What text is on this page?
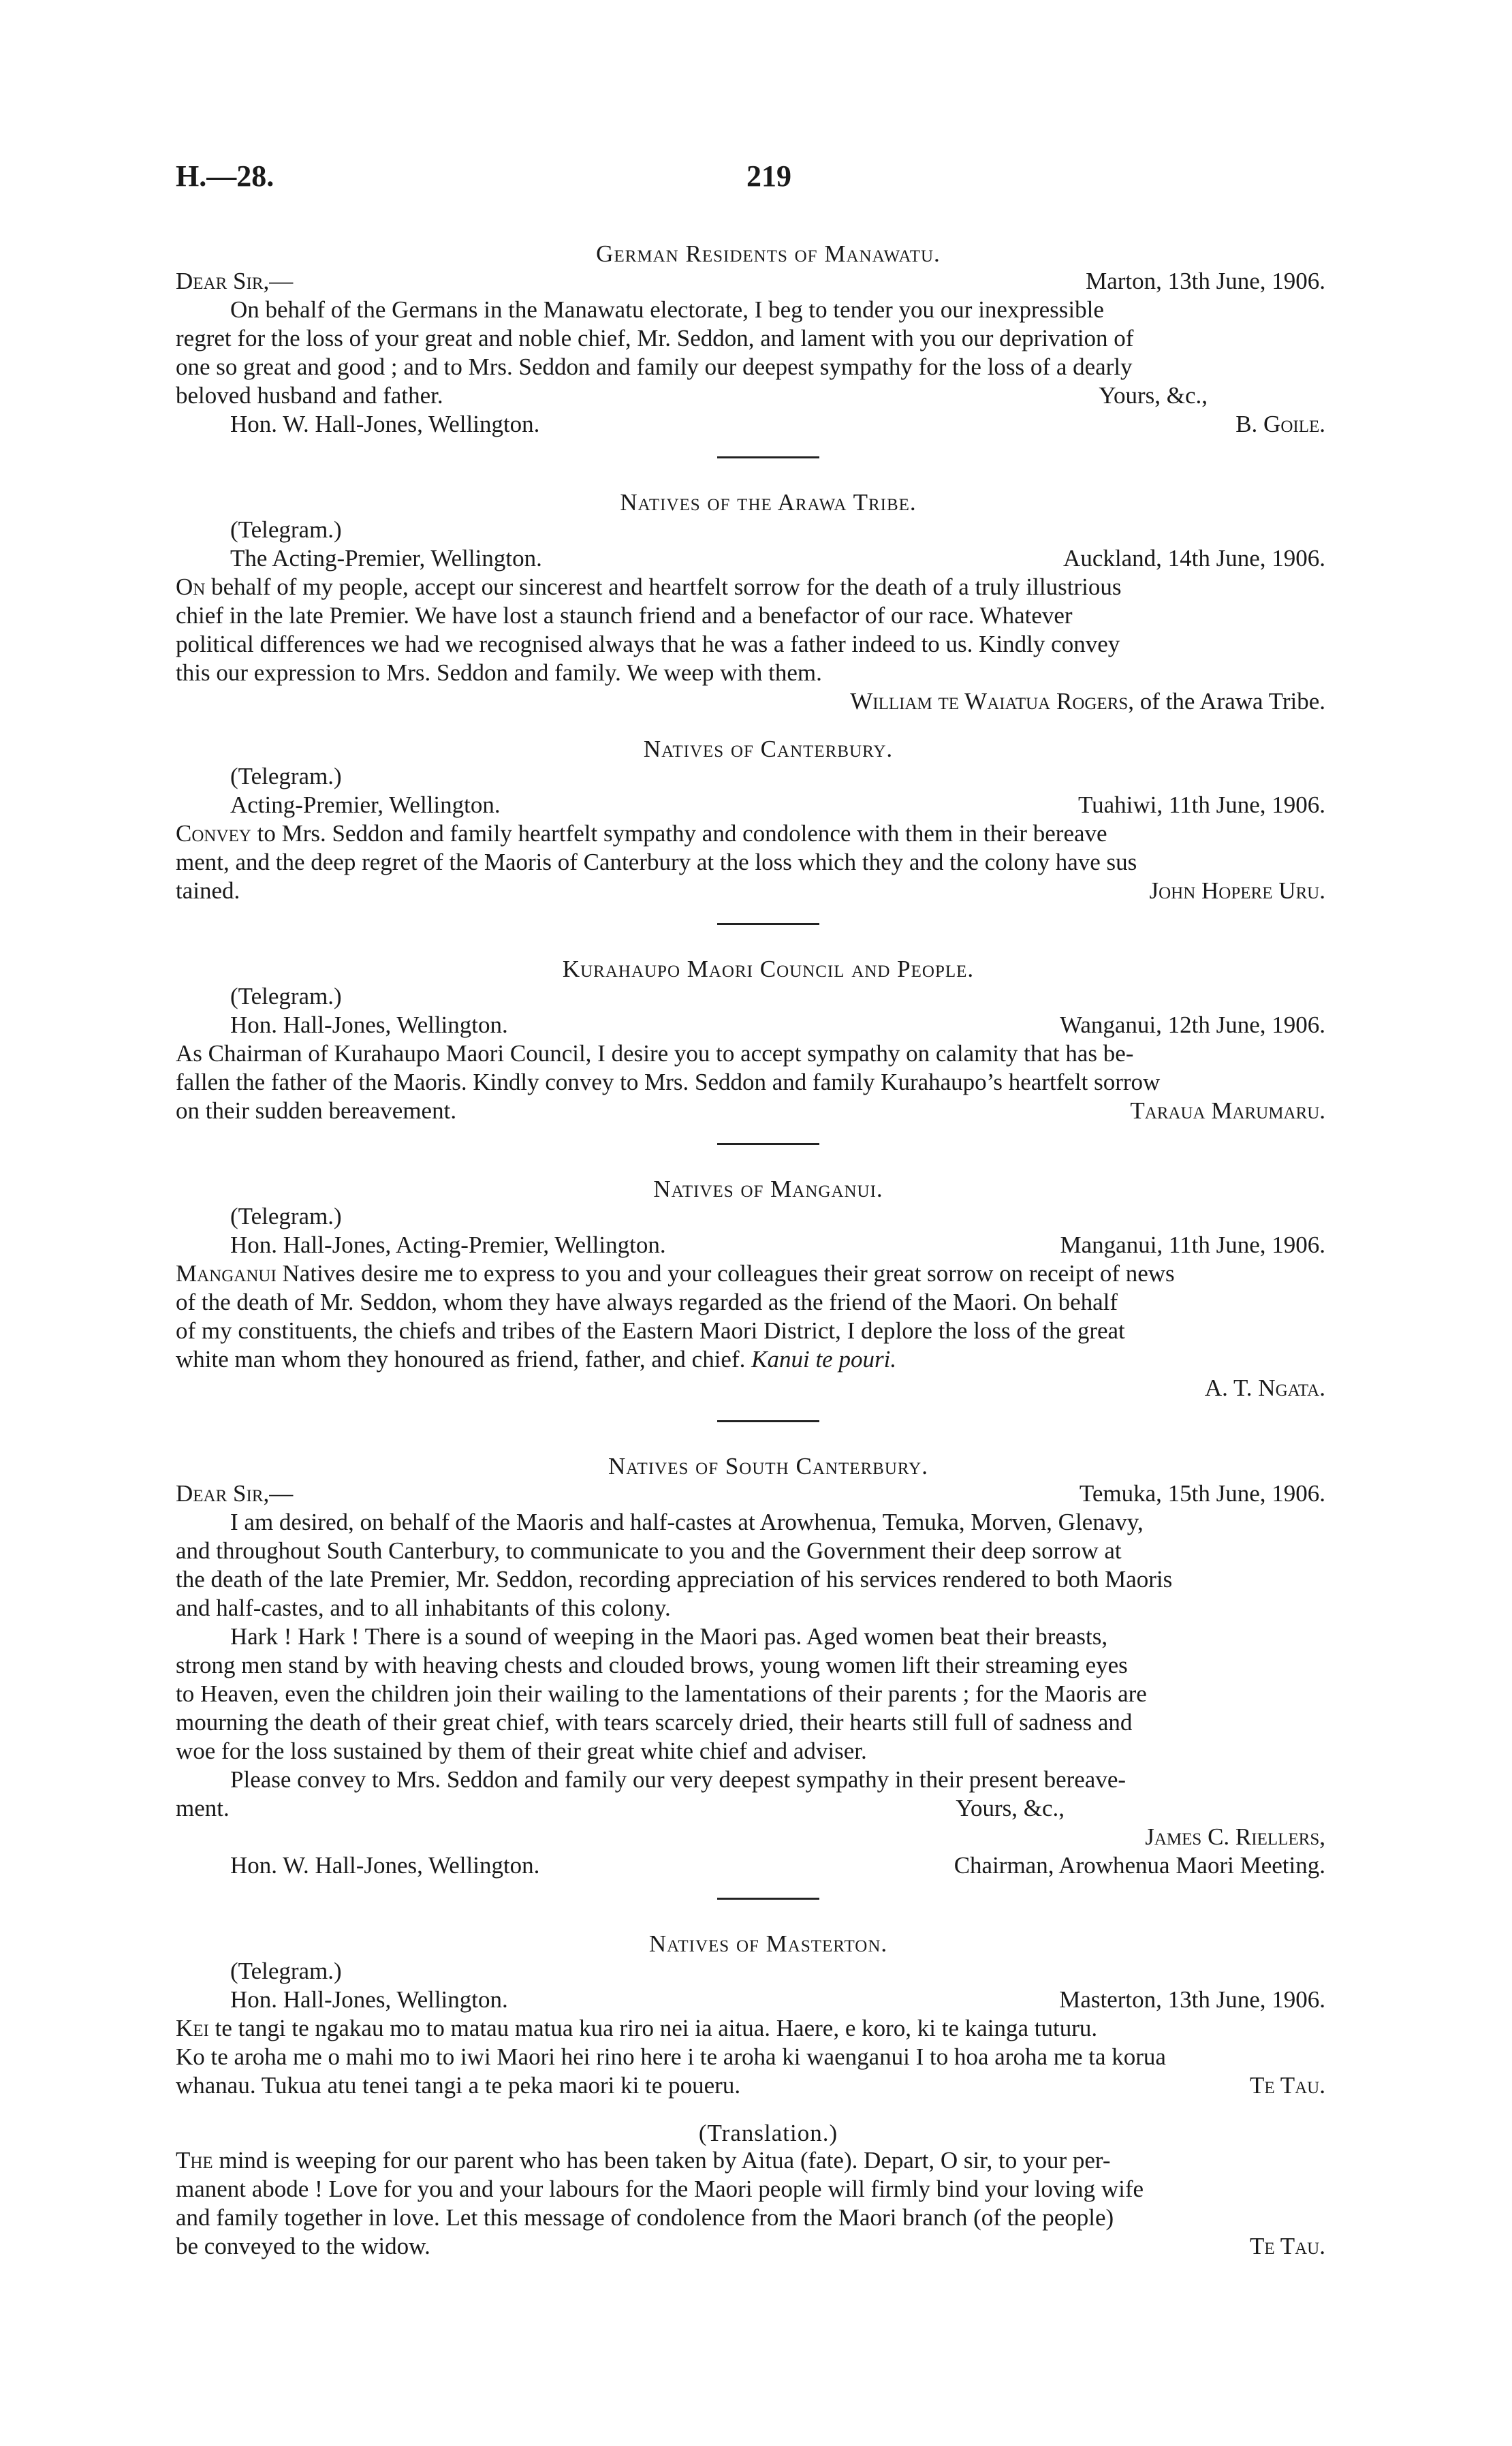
H.—28.	219
German Residents of Manawatu.
Dear Sir,—	Marton, 13th June, 1906.
On behalf of the Germans in the Manawatu electorate, I beg to tender you our inexpressible
regret for the loss of your great and noble chief, Mr. Seddon, and lament with you our deprivation of
one so great and good ; and to Mrs. Seddon and family our deepest sympathy for the loss of a dearly
beloved husband and father.	Yours, &c.,
Hon. W. Hall-Jones, Wellington.	B. Goile.
Natives of the Arawa Tribe.
(Telegram.)
The Acting-Premier, Wellington.	Auckland, 14th June, 1906.
On behalf of my people, accept our sincerest and heartfelt sorrow for the death of a truly illustrious
chief in the late Premier. We have lost a staunch friend and a benefactor of our race. Whatever
political differences we had we recognised always that he was a father indeed to us. Kindly convey
this our expression to Mrs. Seddon and family. We weep with them.
William te Waiatua Rogers, of the Arawa Tribe.
Natives of Canterbury.
(Telegram.)
Acting-Premier, Wellington.	Tuahiwi, 11th June, 1906.
Convey to Mrs. Seddon and family heartfelt sympathy and condolence with them in their bereave
ment, and the deep regret of the Maoris of Canterbury at the loss which they and the colony have sus
tained.	John Hopere Uru.
Kurahaupo Maori Council and People.
(Telegram.)
Hon. Hall-Jones, Wellington.	Wanganui, 12th June, 1906.
As Chairman of Kurahaupo Maori Council, I desire you to accept sympathy on calamity that has be-
fallen the father of the Maoris. Kindly convey to Mrs. Seddon and family Kurahaupo’s heartfelt sorrow
on their sudden bereavement.	Taraua Marumaru.
Natives of Manganui.
(Telegram.)
Hon. Hall-Jones, Acting-Premier, Wellington.	Manganui, 11th June, 1906.
Manganui Natives desire me to express to you and your colleagues their great sorrow on receipt of news
of the death of Mr. Seddon, whom they have always regarded as the friend of the Maori. On behalf
of my constituents, the chiefs and tribes of the Eastern Maori District, I deplore the loss of the great
white man whom they honoured as friend, father, and chief. Kanui te pouri.
A. T. Ngata.
Natives of South Canterbury.
Dear Sir,—	Temuka, 15th June, 1906.
I am desired, on behalf of the Maoris and half-castes at Arowhenua, Temuka, Morven, Glenavy,
and throughout South Canterbury, to communicate to you and the Government their deep sorrow at
the death of the late Premier, Mr. Seddon, recording appreciation of his services rendered to both Maoris
and half-castes, and to all inhabitants of this colony.
Hark ! Hark ! There is a sound of weeping in the Maori pas. Aged women beat their breasts,
strong men stand by with heaving chests and clouded brows, young women lift their streaming eyes
to Heaven, even the children join their wailing to the lamentations of their parents ; for the Maoris are
mourning the death of their great chief, with tears scarcely dried, their hearts still full of sadness and
woe for the loss sustained by them of their great white chief and adviser.
Please convey to Mrs. Seddon and family our very deepest sympathy in their present bereave-
ment.	Yours, &c.,
James C. Riellers,
Hon. W. Hall-Jones, Wellington.	Chairman, Arowhenua Maori Meeting.
Natives of Masterton.
(Telegram.)
Hon. Hall-Jones, Wellington.	Masterton, 13th June, 1906.
Kei te tangi te ngakau mo to matau matua kua riro nei ia aitua. Haere, e koro, ki te kainga tuturu.
Ko te aroha me o mahi mo to iwi Maori hei rino here i te aroha ki waenganui I to hoa aroha me ta korua
whanau. Tukua atu tenei tangi a te peka maori ki te poueru.	Te Tau.
(Translation.)
The mind is weeping for our parent who has been taken by Aitua (fate). Depart, O sir, to your per-
manent abode ! Love for you and your labours for the Maori people will firmly bind your loving wife
and family together in love. Let this message of condolence from the Maori branch (of the people)
be conveyed to the widow.	Te Tau.
